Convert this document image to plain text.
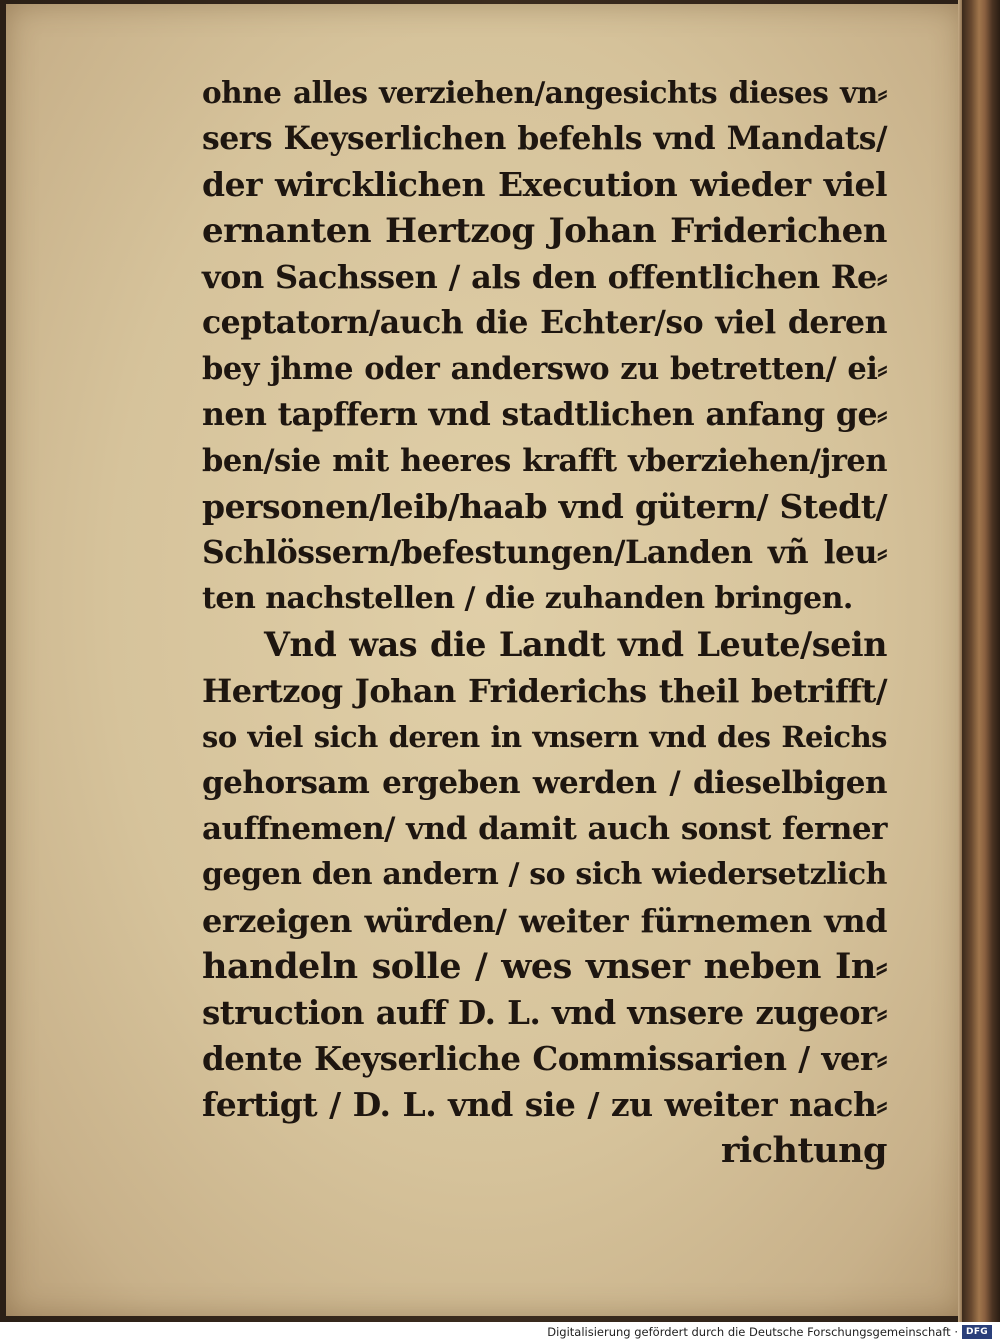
ohne alles verziehen/angesichts dieses vn⸗
sers Keyserlichen befehls vnd Mandats/
der wircklichen Execution wieder viel
ernanten Hertzog Johan Friderichen
von Sachssen / als den offentlichen Re⸗
ceptatorn/auch die Echter/so viel deren
bey jhme oder anderswo zu betretten/ ei⸗
nen tapffern vnd stadtlichen anfang ge⸗
ben/sie mit heeres krafft vberziehen/jren
personen/leib/haab vnd gütern/ Stedt/
Schlössern/befestungen/Landen vñ leu⸗
ten nachstellen / die zuhanden bringen.
Vnd was die Landt vnd Leute/sein
Hertzog Johan Friderichs theil betrifft/
so viel sich deren in vnsern vnd des Reichs
gehorsam ergeben werden / dieselbigen
auffnemen/ vnd damit auch sonst ferner
gegen den andern / so sich wiedersetzlich
erzeigen würden/ weiter fürnemen vnd
handeln solle / wes vnser neben In⸗
struction auff D. L. vnd vnsere zugeor⸗
dente Keyserliche Commissarien / ver⸗
fertigt / D. L. vnd sie / zu weiter nach⸗
richtung
Digitalisierung gefördert durch die Deutsche Forschungsgemeinschaft · DFG
